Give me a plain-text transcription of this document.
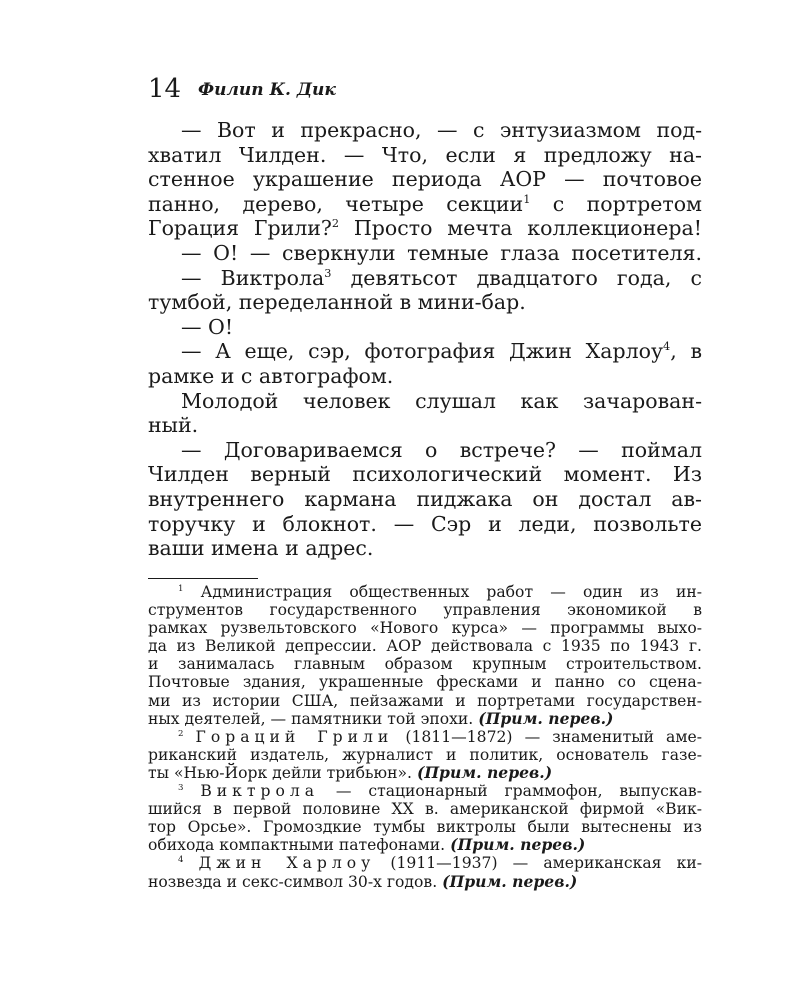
14 Филип К. Дик
— Вот и прекрасно, — с энтузиазмом под-
хватил Чилден. — Что, если я предложу на-
стенное украшение периода АОР — почтовое
панно, дерево, четыре секции$^1$ с портретом
Горация Грили?$^2$ Просто мечта коллекционера!
— О! — сверкнули темные глаза посетителя.
— Виктрола$^3$ девятьсот двадцатого года, с
тумбой, переделанной в мини-бар.
— О!
— А еще, сэр, фотография Джин Харлоу$^4$, в
рамке и с автографом.
Молодой человек слушал как зачарован-
ный.
— Договариваемся о встрече? — поймал
Чилден верный психологический момент. Из
внутреннего кармана пиджака он достал ав-
торучку и блокнот. — Сэр и леди, позвольте
ваши имена и адрес.
$^1$ Администрация общественных работ — один из ин-
струментов государственного управления экономикой в
рамках рузвельтовского «Нового курса» — программы выхо-
да из Великой депрессии. АОР действовала с 1935 по 1943 г.
и занималась главным образом крупным строительством.
Почтовые здания, украшенные фресками и панно со сцена-
ми из истории США, пейзажами и портретами государствен-
ных деятелей, — памятники той эпохи. (Прим. перев.)
$^2$ Гораций Грили (1811—1872) — знаменитый аме-
риканский издатель, журналист и политик, основатель газе-
ты «Нью-Йорк дейли трибьюн». (Прим. перев.)
$^3$ Виктрола — стационарный граммофон, выпускав-
шийся в первой половине XX в. американской фирмой «Вик-
тор Орсье». Громоздкие тумбы виктролы были вытеснены из
обихода компактными патефонами. (Прим. перев.)
$^4$ Джин Харлоу (1911—1937) — американская ки-
нозвезда и секс-символ 30-х годов. (Прим. перев.)
